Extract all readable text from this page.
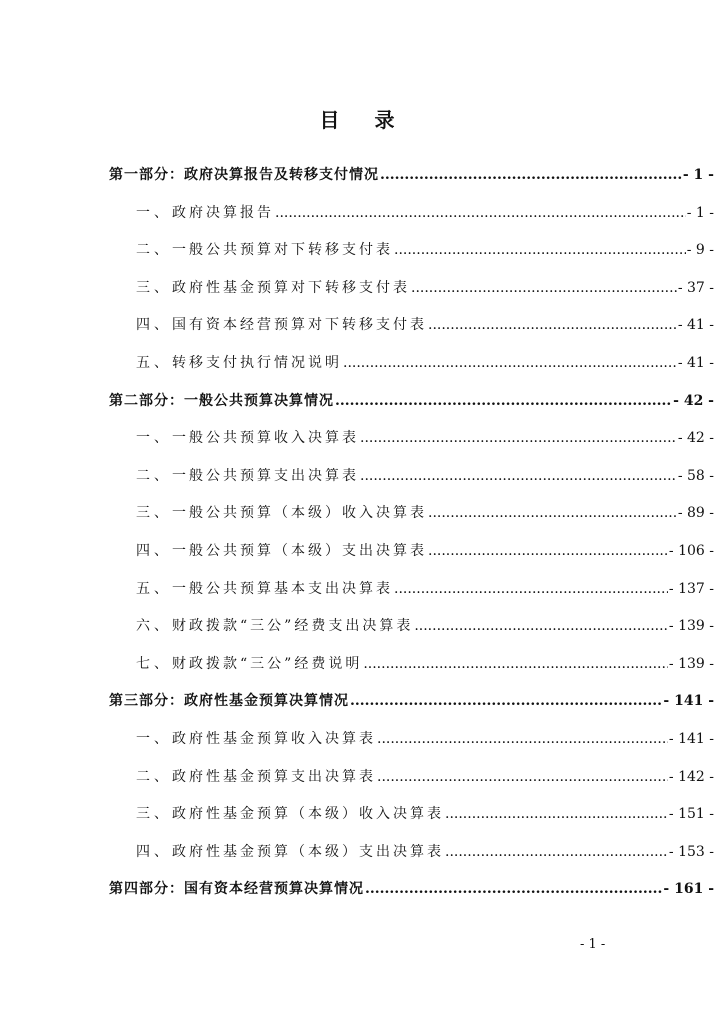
目 录
第一部分：政府决算报告及转移支付情况 .....	- 1 -
一、 政府决算报告 .....	- 1 -
二、 一般公共预算对下转移支付表 .....	- 9 -
三、 政府性基金预算对下转移支付表 .....	- 37 -
四、 国有资本经营预算对下转移支付表 .....	- 41 -
五、 转移支付执行情况说明 .....	- 41 -
第二部分：一般公共预算决算情况 .....	- 42 -
一、 一般公共预算收入决算表 .....	- 42 -
二、 一般公共预算支出决算表 .....	- 58 -
三、 一般公共预算（本级）收入决算表 .....	- 89 -
四、 一般公共预算（本级）支出决算表 .....	- 106 -
五、 一般公共预算基本支出决算表 .....	- 137 -
六、 财政拨款“三公”经费支出决算表 .....	- 139 -
七、 财政拨款“三公”经费说明 .....	- 139 -
第三部分：政府性基金预算决算情况 .....	- 141 -
一、 政府性基金预算收入决算表 .....	- 141 -
二、 政府性基金预算支出决算表 .....	- 142 -
三、 政府性基金预算（本级）收入决算表 .....	- 151 -
四、 政府性基金预算（本级）支出决算表 .....	- 153 -
第四部分：国有资本经营预算决算情况 .....	- 161 -
- 1 -
